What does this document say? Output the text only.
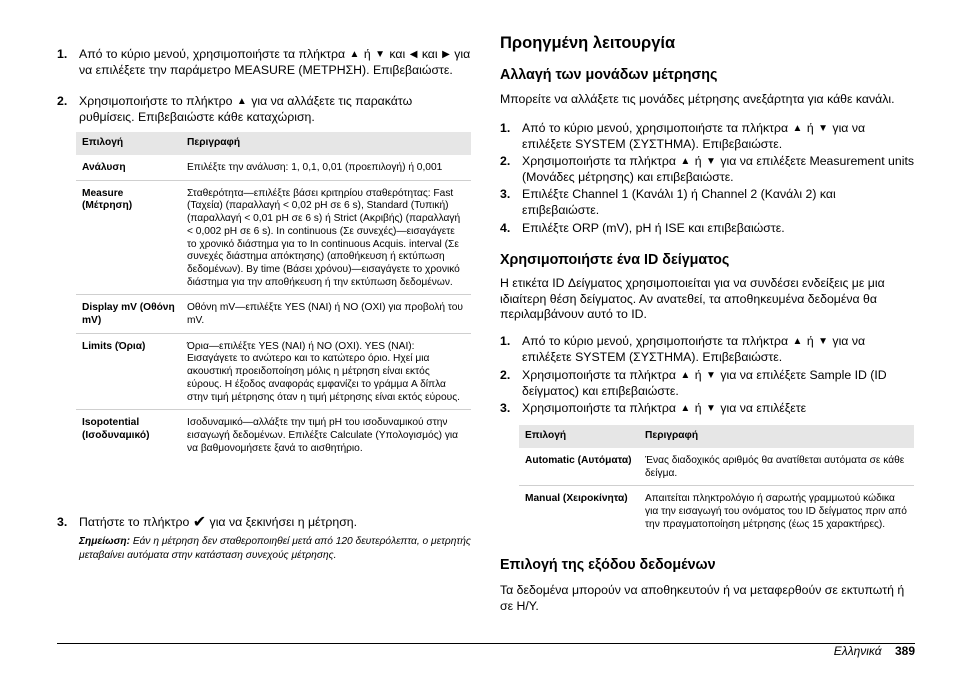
1. Από το κύριο μενού, χρησιμοποιήστε τα πλήκτρα ▲ ή ▼ και ◀ και ▶ για να επιλέξετε την παράμετρο MEASURE (ΜΕΤΡΗΣΗ). Επιβεβαιώστε.
2. Χρησιμοποιήστε το πλήκτρο ▲ για να αλλάξετε τις παρακάτω ρυθμίσεις. Επιβεβαιώστε κάθε καταχώριση.
Επιλογή	Περιγραφή
Ανάλυση	Επιλέξτε την ανάλυση: 1, 0,1, 0,01 (προεπιλογή) ή 0,001
Measure (Μέτρηση)	Σταθερότητα—επιλέξτε βάσει κριτηρίου σταθερότητας: Fast (Ταχεία) (παραλλαγή < 0,02 pH σε 6 s), Standard (Τυπική) (παραλλαγή < 0,01 pH σε 6 s) ή Strict (Ακριβής) (παραλλαγή < 0,002 pH σε 6 s). In continuous (Σε συνεχές)—εισαγάγετε το χρονικό διάστημα για το In continuous Acquis. interval (Σε συνεχές διάστημα απόκτησης) (αποθήκευση ή εκτύπωση δεδομένων). By time (Βάσει χρόνου)—εισαγάγετε το χρονικό διάστημα για την αποθήκευση ή την εκτύπωση δεδομένων.
Display mV (Οθόνη mV)	Οθόνη mV—επιλέξτε YES (ΝΑΙ) ή NO (ΟΧΙ) για προβολή του mV.
Limits (Όρια)	Όρια—επιλέξτε YES (ΝΑΙ) ή NO (ΟΧΙ). YES (ΝΑΙ): Εισαγάγετε το ανώτερο και το κατώτερο όριο. Ηχεί μια ακουστική προειδοποίηση μόλις η μέτρηση είναι εκτός εύρους. Η έξοδος αναφοράς εμφανίζει το γράμμα A δίπλα στην τιμή μέτρησης όταν η τιμή μέτρησης είναι εκτός εύρους.
Isopotential (Ισοδυναμικό)	Ισοδυναμικό—αλλάξτε την τιμή pH του ισοδυναμικού στην εισαγωγή δεδομένων. Επιλέξτε Calculate (Υπολογισμός) για να βαθμονομήσετε ξανά το αισθητήριο.
3. Πατήστε το πλήκτρο ✔ για να ξεκινήσει η μέτρηση.
Σημείωση: Εάν η μέτρηση δεν σταθεροποιηθεί μετά από 120 δευτερόλεπτα, ο μετρητής μεταβαίνει αυτόματα στην κατάσταση συνεχούς μέτρησης.
Προηγμένη λειτουργία
Αλλαγή των μονάδων μέτρησης

Μπορείτε να αλλάξετε τις μονάδες μέτρησης ανεξάρτητα για κάθε κανάλι.

1. Από το κύριο μενού, χρησιμοποιήστε τα πλήκτρα ▲ ή ▼ για να επιλέξετε SYSTEM (ΣΥΣΤΗΜΑ). Επιβεβαιώστε.
2. Χρησιμοποιήστε τα πλήκτρα ▲ ή ▼ για να επιλέξετε Measurement units (Μονάδες μέτρησης) και επιβεβαιώστε.
3. Επιλέξτε Channel 1 (Κανάλι 1) ή Channel 2 (Κανάλι 2) και επιβεβαιώστε.
4. Επιλέξτε ORP (mV), pH ή ISE και επιβεβαιώστε.
Χρησιμοποιήστε ένα ID δείγματος

Η ετικέτα ID Δείγματος χρησιμοποιείται για να συνδέσει ενδείξεις με μια ιδιαίτερη θέση δείγματος. Αν ανατεθεί, τα αποθηκευμένα δεδομένα θα περιλαμβάνουν αυτό το ID.

1. Από το κύριο μενού, χρησιμοποιήστε τα πλήκτρα ▲ ή ▼ για να επιλέξετε SYSTEM (ΣΥΣΤΗΜΑ). Επιβεβαιώστε.
2. Χρησιμοποιήστε τα πλήκτρα ▲ ή ▼ για να επιλέξετε Sample ID (ID δείγματος) και επιβεβαιώστε.
3. Χρησιμοποιήστε τα πλήκτρα ▲ ή ▼ για να επιλέξετε
Επιλογή	Περιγραφή
Automatic (Αυτόματα)	Ένας διαδοχικός αριθμός θα ανατίθεται αυτόματα σε κάθε δείγμα.
Manual (Χειροκίνητα)	Απαιτείται πληκτρολόγιο ή σαρωτής γραμμωτού κώδικα για την εισαγωγή του ονόματος του ID δείγματος πριν από την πραγματοποίηση μέτρησης (έως 15 χαρακτήρες).
Επιλογή της εξόδου δεδομένων

Τα δεδομένα μπορούν να αποθηκευτούν ή να μεταφερθούν σε εκτυπωτή ή σε Η/Υ.

Ελληνικά 389
